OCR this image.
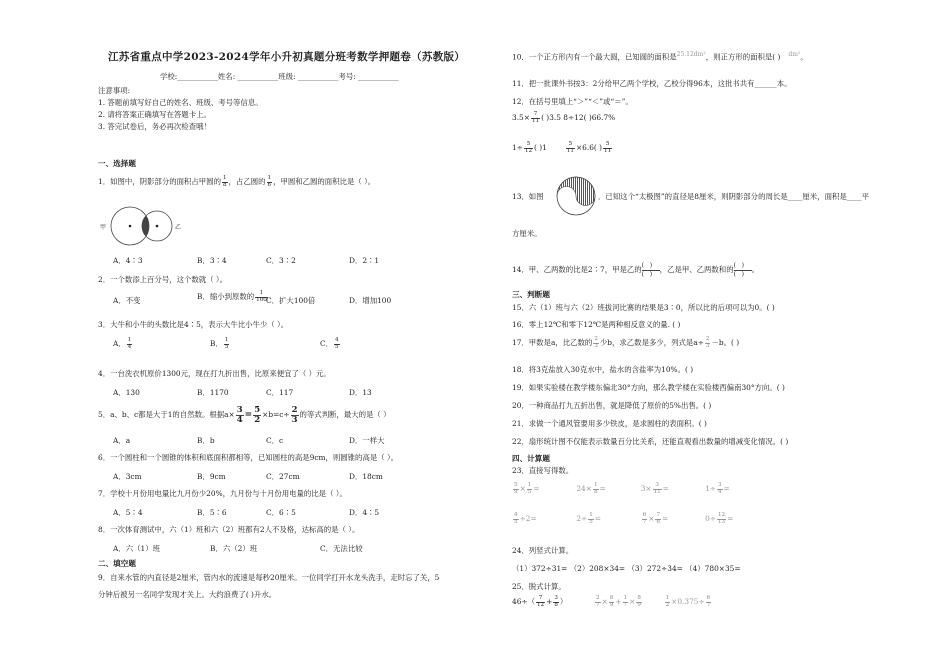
江苏省重点中学2023-2024学年小升初真题分班考数学押题卷（苏教版）
学校:___________姓名: ___________班级: ___________考号: ___________
注意事项:
1. 答题前填写好自己的姓名、班级、考号等信息。
2. 请将答案正确填写在答题卡上。
3. 答完试卷后，务必再次检查哦！
一、选择题
1．如图中，阴影部分的面积占甲圆的 $\frac{1}{8}$ ，占乙圆的 $\frac{1}{6}$ ，甲圆和乙圆的面积比是（ ）。
甲	乙
A．4∶3	B．3∶4	C．3∶2	D．2∶1
2．一个数添上百分号，这个数就（ ）。
A．不变	B．缩小到原数的 $\frac{1}{100}$
C．扩大100倍	D．增加100
3．大牛和小牛的头数比是4∶5，表示大牛比小牛少（ ）。
A． $\frac{1}{4}$	B． $\frac{1}{5}$	C． $\frac{4}{5}$
4．一台洗衣机原价1300元，现在打九折出售，比原来便宜了（ ）元。
A．130	B．1170	C．117	D．13
5．a、b、c都是大于1的自然数。根据$a\times \frac{3}{4} = \frac{5}{2} \times b=c\div \frac{2}{3}$ 的等式判断，最大的是（ ）
A．a	B．b	C．c	D．一样大
6．一个圆柱和一个圆锥的体积和底面积都相等，已知圆柱的高是9cm，则圆锥的高是（ ）。
A．3cm	B．9cm	C．27cm	D．18cm
7．学校十月份用电量比九月份少20%，九月份与十月份用电量的比是（ ）。
A．5∶4	B．5∶6	C．6∶5	D．4∶5
8．一次体育测试中，六（1）班和六（2）班都有2人不及格，达标高的是（ ）。
A．六（1）班	B．六（2）班	C．无法比较
二、填空题
9．自来水管的内直径是2厘米，管内水的流速是每秒20厘米。一位同学打开水龙头洗手，走时忘了关，5
分钟后被另一名同学发现才关上。大约浪费了( )升水。
10．一个正方形内有一个最大圆，已知圆的面积是$^{25.12dm^2}$，则正方形的面积是( ) $^{dm^2}$。
11．把一批课外书按3：2分给甲乙两个学校，乙校分得96本，这批书共有______本。
12．在括号里填上“＞”“＜”或“＝”。
$3.5\times \frac{7}{11}$ ( )3.5 8÷12( )66.7%
$1\div \frac{5}{12}$ ( )1	$\frac{5}{11} \times 6.6$( ) $\frac{5}{11}$
13．如图	．已知这个“太极图”的直径是8厘米，则阴影部分的周长是____厘米，面积是____平
方厘米。
14．甲、乙两数的比是2∶7，甲是乙的 (   )
(   )
，乙是甲、乙两数和的 (   )
(   )
。
三、判断题
15．六（1）班与六（2）班拔河比赛的结果是3∶0，所以比的后项可以为0。( )
16．零上12℃和零下12℃是两种相反意义的量. ( )
17．甲数是a，比乙数的 $\frac{2}{3}$ 少b，求乙数是多少，列式是$a\div \frac{2}{3} -b$。( )
18．将3克盐放入30克水中，盐水的含盐率为10%。( )
19．如果实验楼在教学楼东偏北30°方向，那么教学楼在实验楼西偏南30°方向。( )
20．一种商品打九五折出售，就是降低了原价的5%出售。( )
21．求做一个通风管要用多少铁皮，是求圆柱的表面积。( )
22．扇形统计图不仅能表示数量百分比关系，还能直观看出数量的增减变化情况。( )
四、计算题
23．直接写得数。
$\frac{5}{9} \times \frac{1}{5}$ =	$24\times \frac{1}{8}$ =	$3\times \frac{3}{11}$ =	$1\div \frac{3}{4}$ =
$\frac{4}{5} \div 2=$	$2\div \frac{1}{5}$ =	$\frac{6}{7} \times \frac{7}{6}$ =	$0\div \frac{12}{13}$ =
24．列竖式计算。
（1）372÷31= （2）208×34= （3）272÷34= （4）780×35=
25．脱式计算。
$46\div( \frac{7}{12} + \frac{3}{8}$ ）	$\frac{2}{7} \times \frac{8}{9} + \frac{1}{7} \times \frac{8}{9}$
	$\frac{1}{2} \times 0.375\div \frac{6}{7}$
